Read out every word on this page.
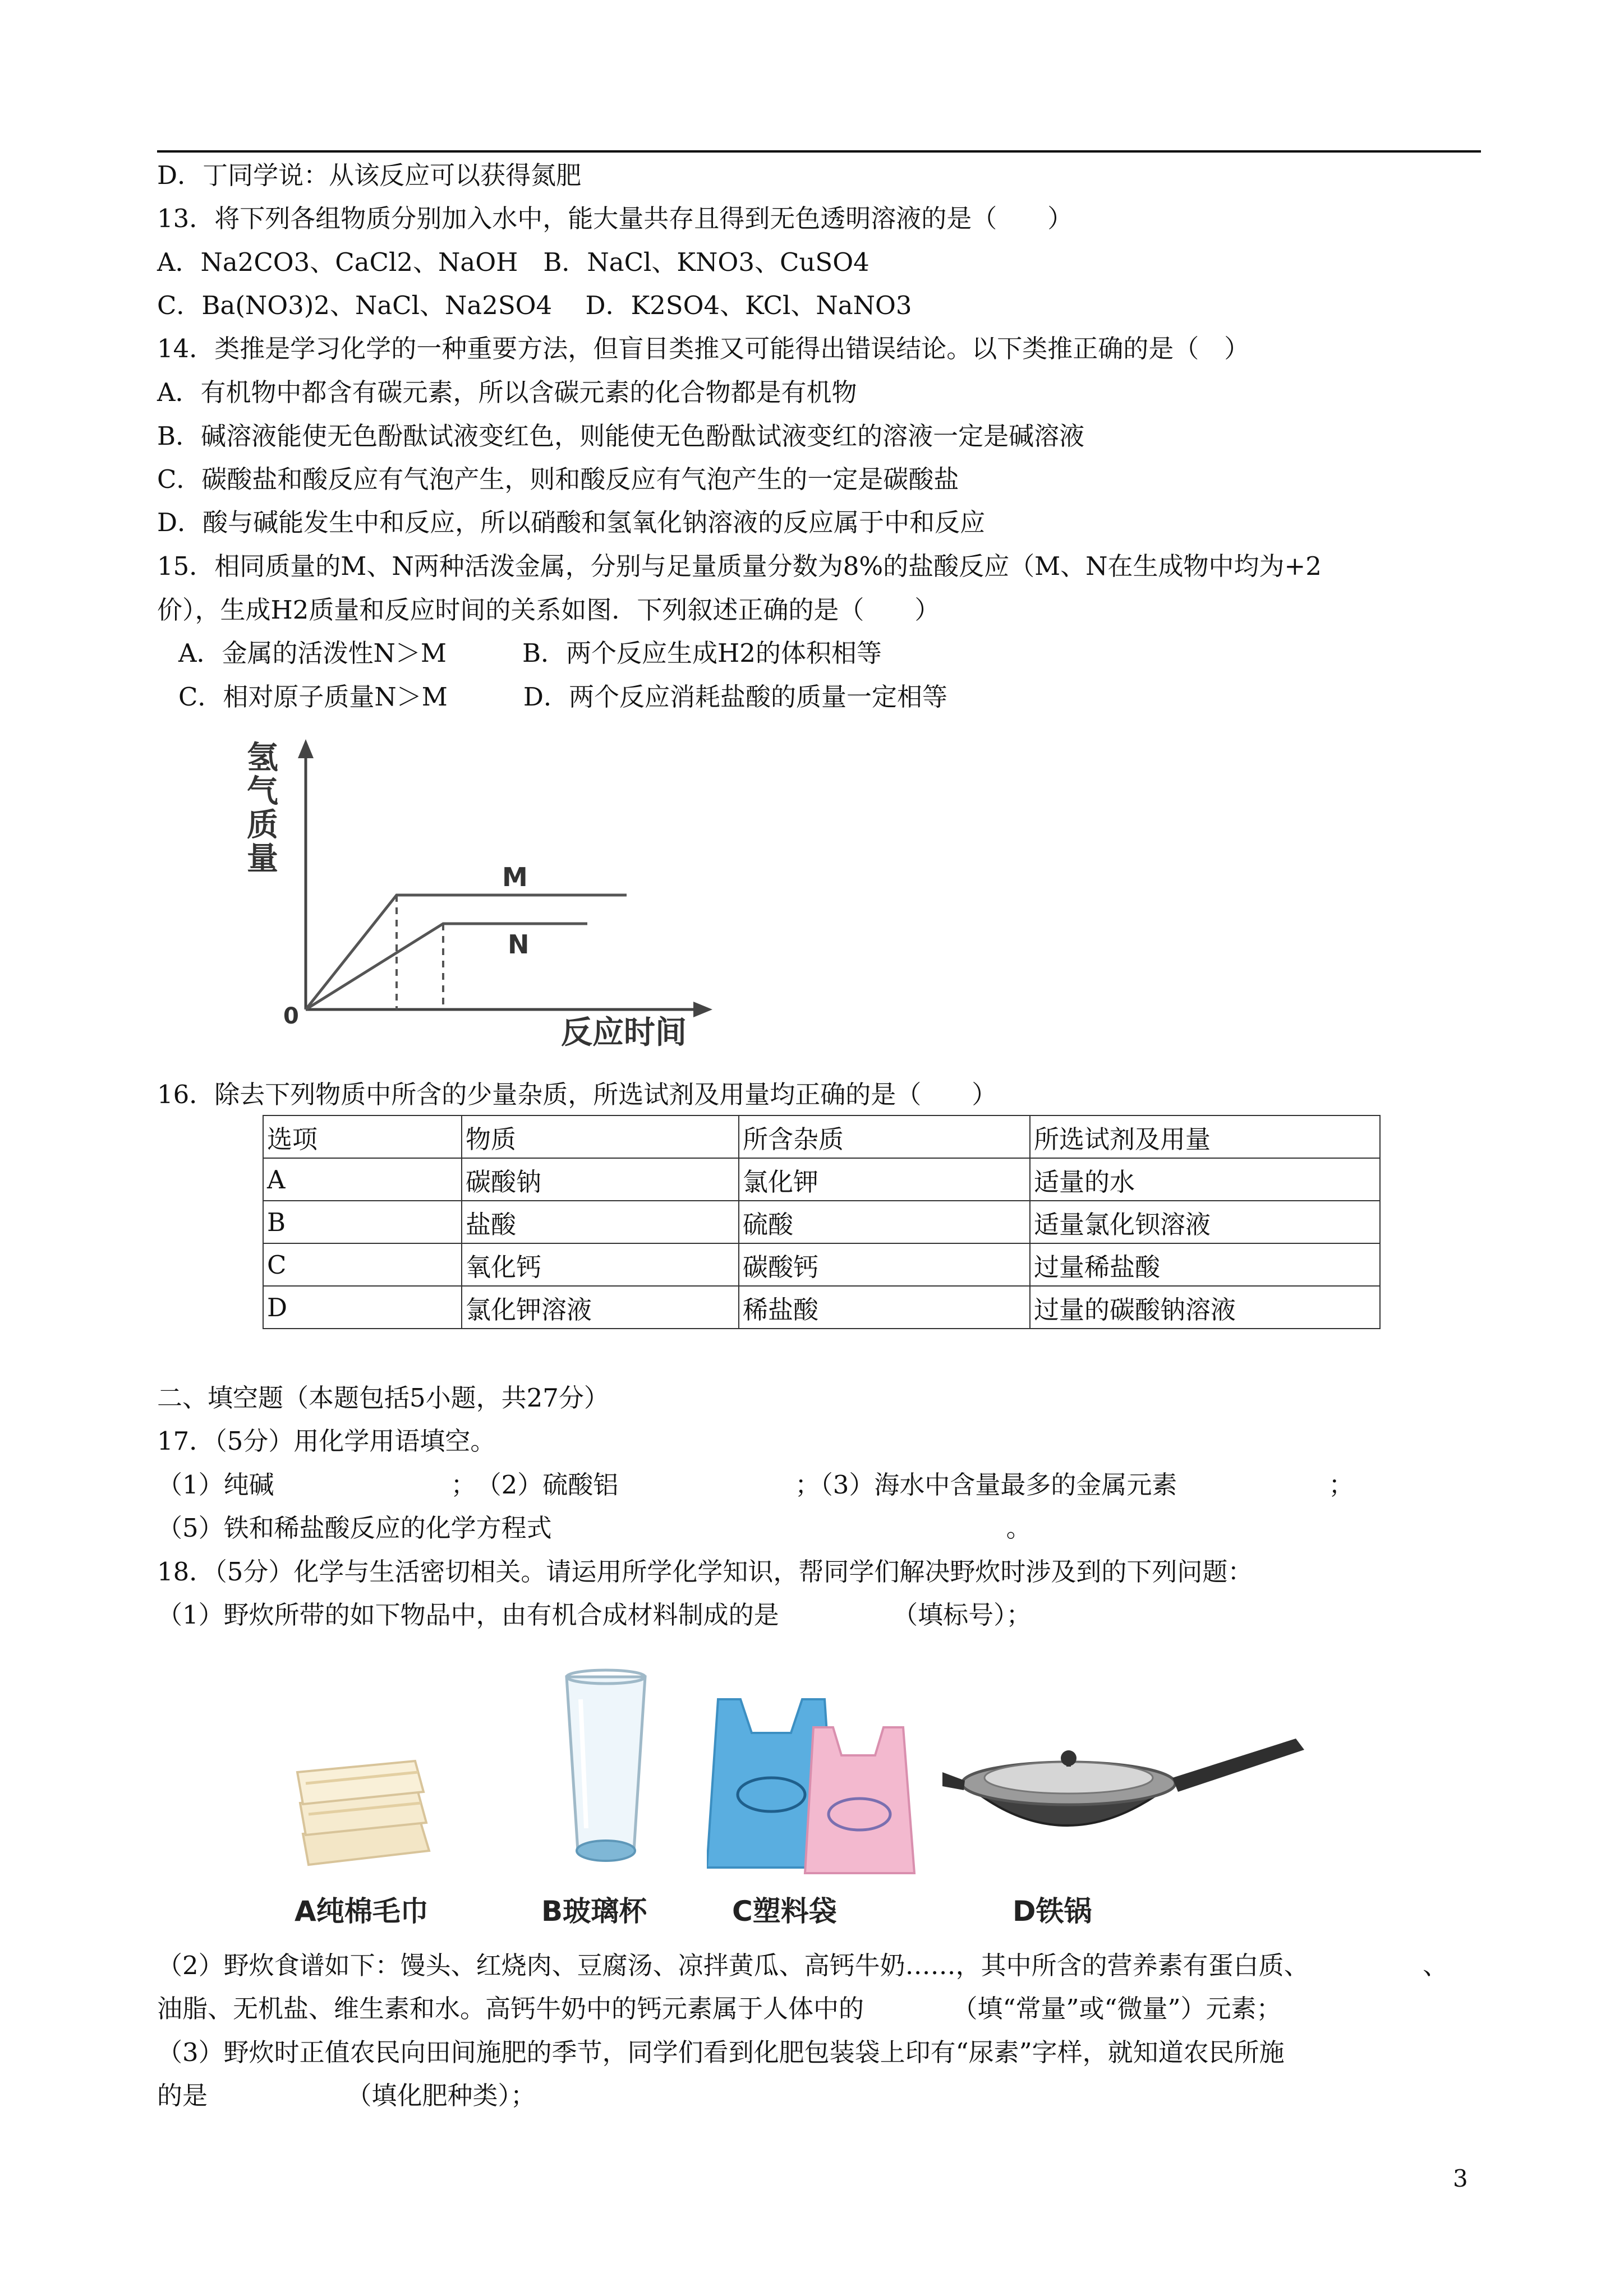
D．丁同学说：从该反应可以获得氮肥
13．将下列各组物质分别加入水中，能大量共存且得到无色透明溶液的是（　　）
A．Na2CO3、CaCl2、NaOH　B．NaCl、KNO3、CuSO4
C．Ba(NO3)2、NaCl、Na2SO4　 D．K2SO4、KCl、NaNO3
14．类推是学习化学的一种重要方法，但盲目类推又可能得出错误结论。以下类推正确的是（　）
A．有机物中都含有碳元素，所以含碳元素的化合物都是有机物
B．碱溶液能使无色酚酞试液变红色，则能使无色酚酞试液变红的溶液一定是碱溶液
C．碳酸盐和酸反应有气泡产生，则和酸反应有气泡产生的一定是碳酸盐
D．酸与碱能发生中和反应，所以硝酸和氢氧化钠溶液的反应属于中和反应
15．相同质量的M、N两种活泼金属，分别与足量质量分数为8%的盐酸反应（M、N在生成物中均为+2
价），生成H2质量和反应时间的关系如图．下列叙述正确的是（　　）
A．金属的活泼性N＞M　　　B．两个反应生成H2的体积相等
C．相对原子质量N＞M　　　D．两个反应消耗盐酸的质量一定相等
氢
气
质
量
0	反应时间
M
N
16．除去下列物质中所含的少量杂质，所选试剂及用量均正确的是（　　）
选项	物质	所含杂质	所选试剂及用量
A	碳酸钠	氯化钾	适量的水
B	盐酸	硫酸	适量氯化钡溶液
C	氧化钙	碳酸钙	过量稀盐酸
D	氯化钾溶液	稀盐酸	过量的碳酸钠溶液
二、填空题（本题包括5小题，共27分）
17．（5分）用化学用语填空。
（1）纯碱　　　　　　　；　（2）硫酸铝　　　　　　　；（3）海水中含量最多的金属元素　　　　　　；
（5）铁和稀盐酸反应的化学方程式　　　　　　　　　　　　　　　　　　。
18．（5分）化学与生活密切相关。请运用所学化学知识，帮同学们解决野炊时涉及到的下列问题：
（1）野炊所带的如下物品中，由有机合成材料制成的是　　　　　（填标号）；
A纯棉毛巾	B玻璃杯	C塑料袋	D铁锅
（2）野炊食谱如下：馒头、红烧肉、豆腐汤、凉拌黄瓜、高钙牛奶……，其中所含的营养素有蛋白质、　　　　　、
油脂、无机盐、维生素和水。高钙牛奶中的钙元素属于人体中的　　　　（填“常量”或“微量”）元素；
（3）野炊时正值农民向田间施肥的季节，同学们看到化肥包装袋上印有“尿素”字样，就知道农民所施
的是　　　　　　（填化肥种类）；
3
